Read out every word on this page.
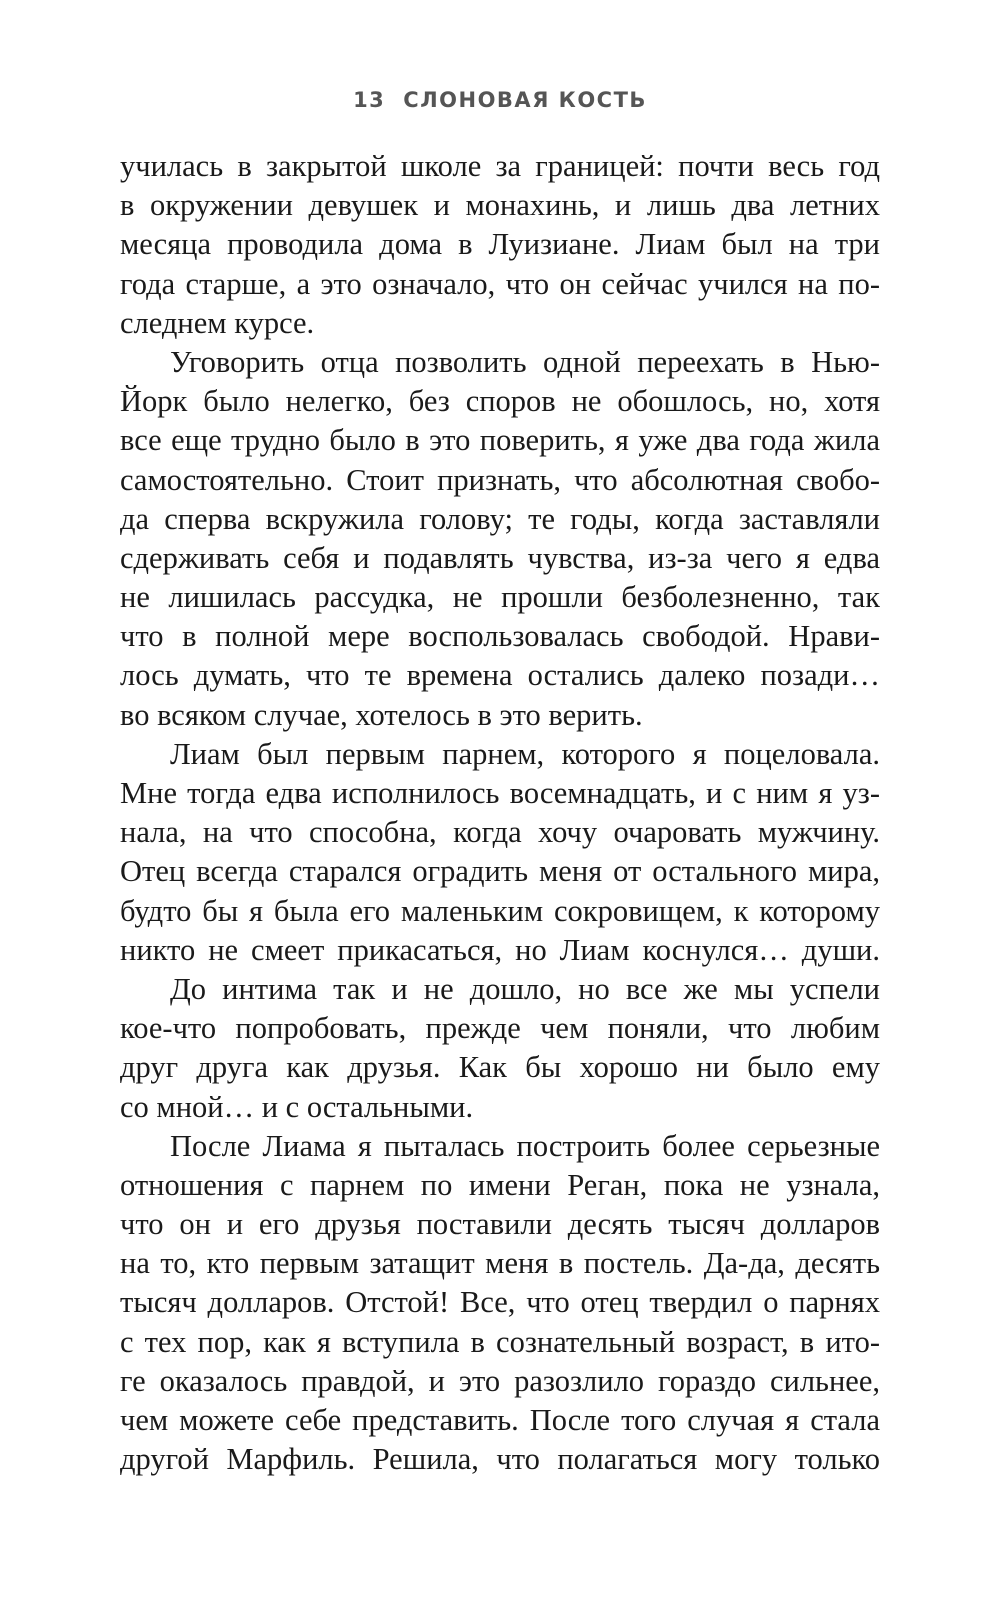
13 СЛОНОВАЯ КОСТЬ
училась в закрытой школе за границей: почти весь год
в окружении девушек и монахинь, и лишь два летних
месяца проводила дома в Луизиане. Лиам был на три
года старше, а это означало, что он сейчас учился на по-
следнем курсе.
Уговорить отца позволить одной переехать в Нью-
Йорк было нелегко, без споров не обошлось, но, хотя
все еще трудно было в это поверить, я уже два года жила
самостоятельно. Стоит признать, что абсолютная свобо-
да сперва вскружила голову; те годы, когда заставляли
сдерживать себя и подавлять чувства, из-за чего я едва
не лишилась рассудка, не прошли безболезненно, так
что в полной мере воспользовалась свободой. Нрави-
лось думать, что те времена остались далеко позади…
во всяком случае, хотелось в это верить.
Лиам был первым парнем, которого я поцеловала.
Мне тогда едва исполнилось восемнадцать, и с ним я уз-
нала, на что способна, когда хочу очаровать мужчину.
Отец всегда старался оградить меня от остального мира,
будто бы я была его маленьким сокровищем, к которому
никто не смеет прикасаться, но Лиам коснулся… души.
До интима так и не дошло, но все же мы успели
кое-что попробовать, прежде чем поняли, что любим
друг друга как друзья. Как бы хорошо ни было ему
со мной… и с остальными.
После Лиама я пыталась построить более серьезные
отношения с парнем по имени Реган, пока не узнала,
что он и его друзья поставили десять тысяч долларов
на то, кто первым затащит меня в постель. Да-да, десять
тысяч долларов. Отстой! Все, что отец твердил о парнях
с тех пор, как я вступила в сознательный возраст, в ито-
ге оказалось правдой, и это разозлило гораздо сильнее,
чем можете себе представить. После того случая я стала
другой Марфиль. Решила, что полагаться могу только
